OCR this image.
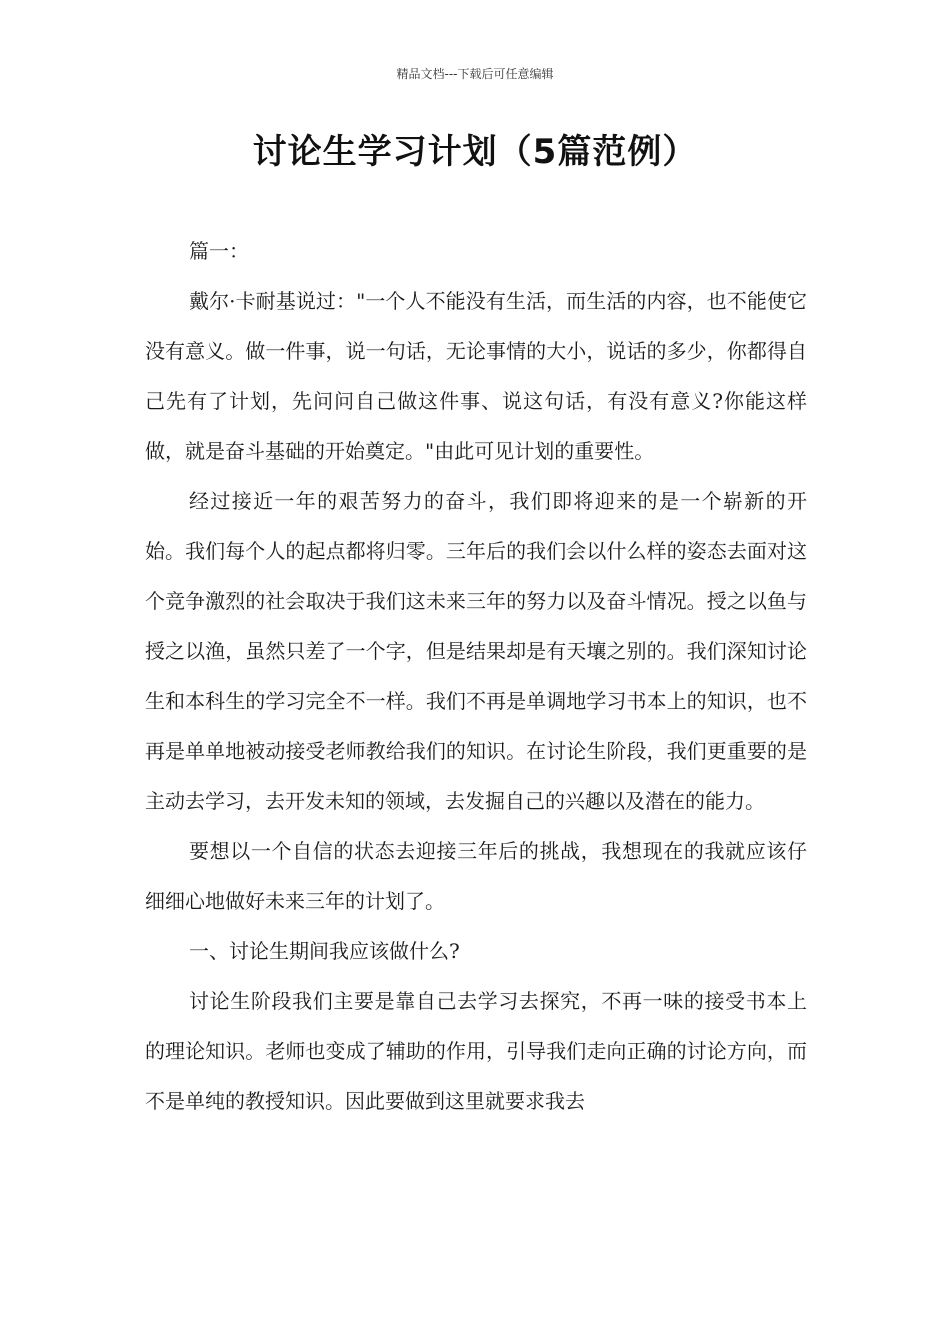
精品文档---下载后可任意编辑
讨论生学习计划（5篇范例）

篇一：

戴尔·卡耐基说过："一个人不能没有生活，而生活的内容，也不能使它没有意义。做一件事，说一句话，无论事情的大小，说话的多少，你都得自己先有了计划，先问问自己做这件事、说这句话，有没有意义?你能这样做，就是奋斗基础的开始奠定。"由此可见计划的重要性。

经过接近一年的艰苦努力的奋斗，我们即将迎来的是一个崭新的开始。我们每个人的起点都将归零。三年后的我们会以什么样的姿态去面对这个竞争激烈的社会取决于我们这未来三年的努力以及奋斗情况。授之以鱼与授之以渔，虽然只差了一个字，但是结果却是有天壤之别的。我们深知讨论生和本科生的学习完全不一样。我们不再是单调地学习书本上的知识，也不再是单单地被动接受老师教给我们的知识。在讨论生阶段，我们更重要的是主动去学习，去开发未知的领域，去发掘自己的兴趣以及潜在的能力。

要想以一个自信的状态去迎接三年后的挑战，我想现在的我就应该仔细细心地做好未来三年的计划了。

一、讨论生期间我应该做什么?

讨论生阶段我们主要是靠自己去学习去探究，不再一味的接受书本上的理论知识。老师也变成了辅助的作用，引导我们走向正确的讨论方向，而不是单纯的教授知识。因此要做到这里就要求我去
